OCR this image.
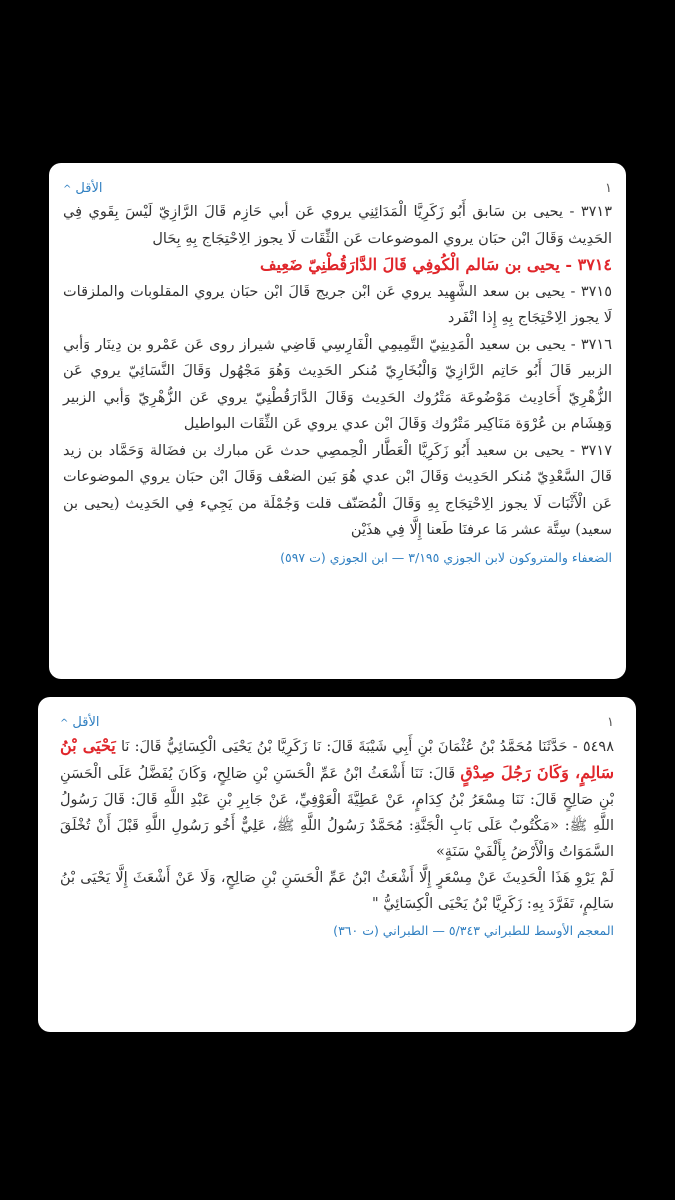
١
الأقل^

٣٧١٣ - يحيى بن سَابق أَبُو زَكَرِيَّا الْمَدَائِنِي يروي عَن أبي حَازِم قَالَ الرَّازِيّ لَيْسَ بِقَوي فِي الحَدِيث وَقَالَ ابْن حبَان يروي الموضوعات عَن الثِّقَات لَا يجوز الِاحْتِجَاج بِهِ بِحَال

٣٧١٤ - يحيى بن سَالم الْكُوفِي قَالَ الدَّارَقُطْنِيّ ضَعِيف

٣٧١٥ - يحيى بن سعد الشَّهِيد يروي عَن ابْن جريج قَالَ ابْن حبَان يروي المقلوبات والملزقات لَا يجوز الِاحْتِجَاج بِهِ إِذا انْفَرد

٣٧١٦ - يحيى بن سعيد الْمَدِينِيّ التَّمِيمِي الْفَارِسِي قَاضِي شيراز روى عَن عَمْرو بن دِينَار وَأبي الزبير قَالَ أَبُو حَاتِم الرَّازِيّ وَالْبُخَارِيّ مُنكر الحَدِيث وَهُوَ مَجْهُول وَقَالَ النَّسَائِيّ يروي عَن الزُّهْرِيّ أَحَادِيث مَوْضُوعَة مَتْرُوك الحَدِيث وَقَالَ الدَّارَقُطْنِيّ يروي عَن الزُّهْرِيّ وَأبي الزبير وَهِشَام بن عُرْوَة مَنَاكِير مَتْرُوك وَقَالَ ابْن عدي يروي عَن الثِّقَات البواطيل

٣٧١٧ - يحيى بن سعيد أَبُو زَكَرِيَّا الْعَطَّار الْحِمصِي حدث عَن مبارك بن فضَالة وَحَمَّاد بن زيد قَالَ السَّعْدِيّ مُنكر الحَدِيث وَقَالَ ابْن عدي هُوَ بَين الضعْف وَقَالَ ابْن حبَان يروي الموضوعات عَن الْأَثْبَات لَا يجوز الِاحْتِجَاج بِهِ وَقَالَ الْمُصَنّف قلت وَجُمْلَة من يَجِيء فِي الحَدِيث (يحيى بن سعيد) سِتَّة عشر مَا عرفنَا طَعنا إِلَّا فِي هذَيْن

الضعفاء والمتروكون لابن الجوزي ٣/١٩٥ — ابن الجوزي (ت ٥٩٧)
١
الأقل^

٥٤٩٨ - حَدَّثَنَا مُحَمَّدُ بْنُ عُثْمَانَ بْنِ أَبِي شَيْبَةَ قَالَ: نَا زَكَرِيَّا بْنُ يَحْيَى الْكِسَائِيُّ قَالَ: نَا يَحْيَى بْنُ سَالِمٍ، وَكَانَ رَجُلَ صِدْقٍ قَالَ: نَنَا أَشْعَثُ ابْنُ عَمِّ الْحَسَنِ بْنِ صَالِحٍ، وَكَانَ يُفَضَّلُ عَلَى الْحَسَنِ بْنِ صَالِحٍ قَالَ: نَنَا مِسْعَرُ بْنُ كِدَامٍ، عَنْ عَطِيَّةَ الْعَوْفِيِّ، عَنْ جَابِرِ بْنِ عَبْدِ اللَّهِ قَالَ: قَالَ رَسُولُ اللَّهِ ﷺ: «مَكْتُوبٌ عَلَى بَابِ الْجَنَّةِ: مُحَمَّدٌ رَسُولُ اللَّهِ ﷺ، عَلِيٌّ أَخُو رَسُولِ اللَّهِ قَبْلَ أَنْ تُخْلَقَ السَّمَوَاتُ وَالْأَرْضُ بِأَلْفَيْ سَنَةٍ»

لَمْ يَرْوِ هَذَا الْحَدِيثَ عَنْ مِسْعَرٍ إِلَّا أَشْعَثُ ابْنُ عَمِّ الْحَسَنِ بْنِ صَالِحٍ، وَلَا عَنْ أَشْعَثَ إِلَّا يَحْيَى بْنُ سَالِمٍ، تَفَرَّدَ بِهِ: زَكَرِيَّا بْنُ يَحْيَى الْكِسَائِيُّ "

المعجم الأوسط للطبراني ٥/٣٤٣ — الطبراني (ت ٣٦٠)
